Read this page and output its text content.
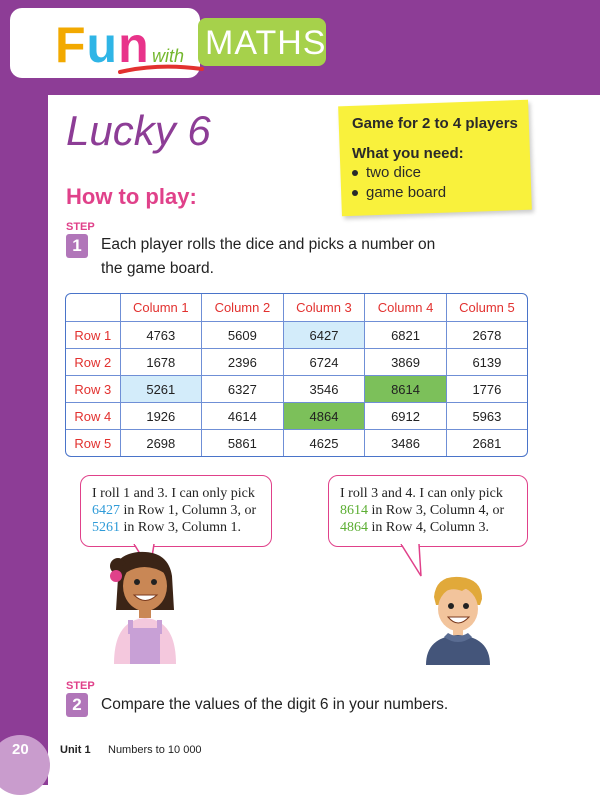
Fun with MATHS
Lucky 6	Game for 2 to 4 players
What you need:
two dice
game board
How to play:
STEP
1	Each player rolls the dice and picks a number on
the game board.
	Column 1	Column 2	Column 3	Column 4	Column 5
Row 1	4763	5609	6427	6821	2678
Row 2	1678	2396	6724	3869	6139
Row 3	5261	6327	3546	8614	1776
Row 4	1926	4614	4864	6912	5963
Row 5	2698	5861	4625	3486	2681
I roll 1 and 3. I can only pick
6427 in Row 1, Column 3, or
5261 in Row 3, Column 1.
I roll 3 and 4. I can only pick
8614 in Row 3, Column 4, or
4864 in Row 4, Column 3.
STEP
2	Compare the values of the digit 6 in your numbers.
20	Unit 1 Numbers to 10 000
